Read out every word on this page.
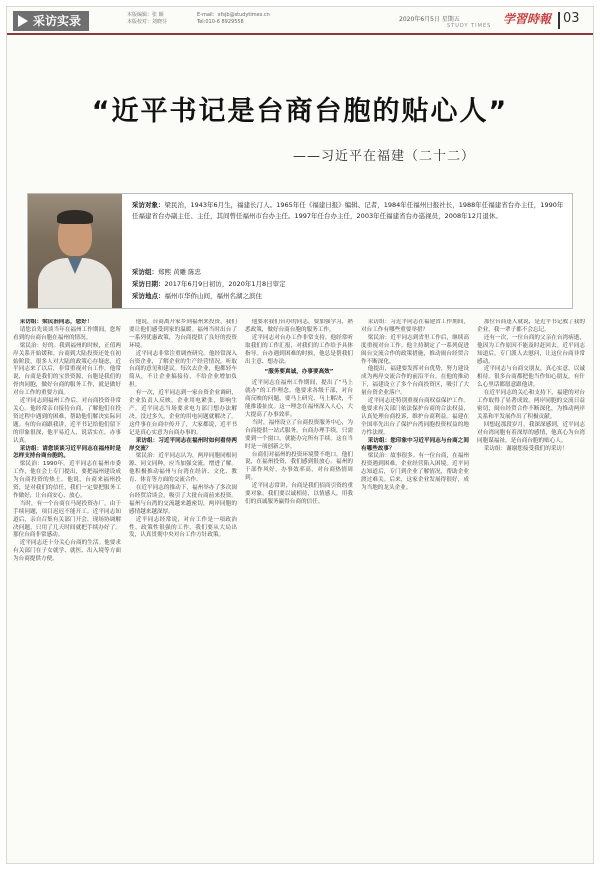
采访实录	本版编辑：张 颖
本版校对：刘晓芬
E-mail：xfsjb@studytimes.cn
Tel:010-6 8929558	2020年6月5日 星期五
STUDY TIMES 学習時報 03
“近平书记是台商台胞的贴心人”
——习近平在福建（二十二）
采访对象：梁民治，1943年6月生，福建长汀人。1965年任《福建日报》编辑、记者，1984年任福州日报社长，1988年任福建省台办主任，1990年任福建省台办副主任、主任，其间曾任福州市台办主任。1997年任台办主任，2003年任福建省台办巡视员，2008年12月退休。
采访组：郑熙 黄雕 陈忠
采访日期：2017年6月9日初访，2020年1月8日审定
采访地点：福州市华侨山间，福州名湖之滨住

采访组：梁民治同志，您好！

请您首先谈谈当年在福州工作期间，您所看到的台商台胞在福州的情况。

梁民治：好的。我到福州的时候，正值两岸关系开始缓和。台商到大陆投资还处在初始阶段，很多人对大陆的政策心存疑虑，近平同志来了以后，非常重视对台工作。他常说，台商是我们的宝贵资源，台胞是我们的骨肉同胞，做好台商的服务工作，就是做好对台工作的重要方面。

近平同志到福州工作后，对台商投资非常关心。他经常亲自接待台商，了解他们在投资过程中遇到的困难，帮助他们解决实际问题。有的台商跟我讲，近平书记给他们留下的印象很深，他平易近人，说话实在，办事认真。

采访组：请您谈谈习近平同志在福州时是怎样支持台商台胞的。

梁民治：1990年，近平同志在福州市委工作，他在会上专门提出，要把福州建设成为台商投资的热土。他说，台商来福州投资，是对我们的信任，我们一定要把服务工作做好，让台商安心、放心。

当时，有一个台商在马尾投资办厂，由于手续问题，项目迟迟不能开工。近平同志知道后，亲自召集有关部门开会，现场协调解决问题，只用了几天时间就把手续办好了。那位台商非常感动。

近平同志还十分关心台商的生活。他要求有关部门在子女就学、就医、出入境等方面为台商提供方便。

他说，台商离开家乡到福州来投资，我们要让他们感受到家的温暖。福州当时出台了一系列优惠政策，为台商提供了良好的投资环境。

近平同志非常注重调查研究。他经常深入台资企业，了解企业的生产经营情况，听取台商的意见和建议。每次去企业，他都轻车简从，不让企业搞接待，不给企业增加负担。

有一次，近平同志到一家台资企业调研，企业负责人反映，企业用电紧张，影响生产。近平同志当场要求电力部门想办法解决。没过多久，企业的用电问题就解决了。这件事在台商中传开了，大家都说，近平书记是真心实意为台商办事的。

采访组：习近平同志在福州时如何看待两岸交流？

梁民治：近平同志认为，两岸同胞同根同源、同文同种，应当加强交流，增进了解。他积极推动福州与台湾在经济、文化、教育、体育等方面的交流合作。

在近平同志的推动下，福州举办了多次闽台经贸洽谈会，吸引了大批台商前来投资。福州与台湾的交流越来越密切，两岸同胞的感情越来越深厚。

近平同志经常说，对台工作是一项政治性、政策性很强的工作，我们要从大局出发，认真贯彻中央对台工作方针政策。

他要求我们台办的同志，要加强学习，熟悉政策，做好台商台胞的服务工作。

近平同志对台办工作非常支持。他经常听取我们的工作汇报，对我们的工作给予具体指导。台办遇到困难的时候，他总是帮我们出主意、想办法。

“服务要真诚，办事要高效”

近平同志在福州工作期间，提出了“马上就办”的工作理念。他要求各级干部，对台商反映的问题，要马上研究、马上解决，不能推诿扯皮。这一理念在福州深入人心，大大提高了办事效率。

当时，福州设立了台商投资服务中心，为台商提供一站式服务。台商办理手续，只需要到一个窗口，就能办完所有手续。这在当时是一项创新之举。

台商们对福州的投资环境赞不绝口。他们说，在福州投资，我们感到很放心。福州的干部作风好，办事效率高，对台商热情周到。

近平同志常讲，台商是我们招商引资的重要对象，我们要以诚相待，以情感人，用我们的真诚服务赢得台商的信任。

采访组：习近平同志在福建省工作期间，对台工作有哪些重要举措？

梁民治：近平同志到省里工作后，继续高度重视对台工作。他主持制定了一系列促进闽台交流合作的政策措施，推动闽台经贸合作不断深化。

他提出，福建要发挥对台优势，努力建设成为两岸交流合作的前沿平台。在他的推动下，福建设立了多个台商投资区，吸引了大量台资企业落户。

近平同志还特别重视台商权益保护工作。他要求有关部门依法保护台商的合法权益，认真处理台商投诉，维护台商利益。福建在全国率先出台了保护台湾同胞投资权益的地方性法规。

采访组：您印象中习近平同志与台商之间有哪些故事？

梁民治：故事很多。有一位台商，在福州投资遇到困难，企业经营陷入困境。近平同志知道后，专门到企业了解情况，帮助企业渡过难关。后来，这家企业发展得很好，成为当地的龙头企业。

那位台商逢人就说，是近平书记救了我的企业，我一辈子都不会忘记。

还有一次，一位台商的父亲在台湾病逝，他因为工作原因不能及时赶回去。近平同志知道后，专门派人去慰问，让这位台商非常感动。

近平同志与台商交朋友，真心实意，以诚相待。很多台商都把他当作知心朋友，有什么心里话都愿意跟他讲。

在近平同志的关心和支持下，福建的对台工作取得了显著成效。两岸同胞的交流日益密切，闽台经贸合作不断深化，为推动两岸关系和平发展作出了积极贡献。

回想起那段岁月，我深深感到，近平同志对台湾同胞有着深厚的感情，他真心为台湾同胞谋福祉，是台商台胞的贴心人。

采访组：谢谢您接受我们的采访！
